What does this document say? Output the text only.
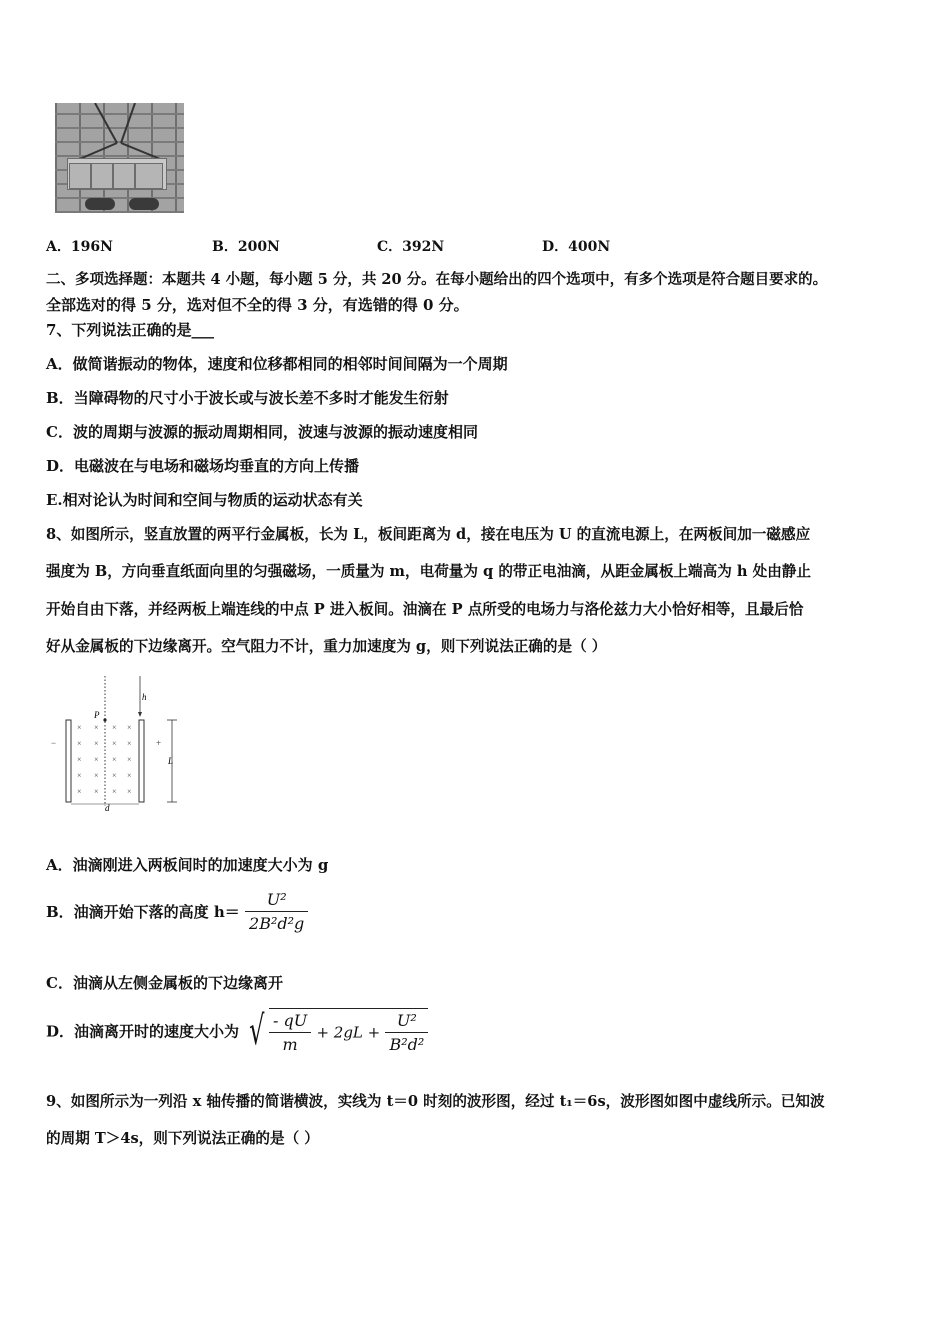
A．196N	B．200N	C．392N	D．400N
二、多项选择题：本题共 4 小题，每小题 5 分，共 20 分。在每小题给出的四个选项中，有多个选项是符合题目要求的。
全部选对的得 5 分，选对但不全的得 3 分，有选错的得 0 分。
7、下列说法正确的是___
A．做简谐振动的物体，速度和位移都相同的相邻时间间隔为一个周期
B．当障碍物的尺寸小于波长或与波长差不多时才能发生衍射
C．波的周期与波源的振动周期相同，波速与波源的振动速度相同
D．电磁波在与电场和磁场均垂直的方向上传播
E.相对论认为时间和空间与物质的运动状态有关
8、如图所示，竖直放置的两平行金属板，长为 L，板间距离为 d，接在电压为 U 的直流电源上，在两板间加一磁感应
强度为 B，方向垂直纸面向里的匀强磁场，一质量为 m，电荷量为 q 的带正电油滴，从距金属板上端高为 h 处由静止
开始自由下落，并经两板上端连线的中点 P 进入板间。油滴在 P 点所受的电场力与洛伦兹力大小恰好相等，且最后恰
好从金属板的下边缘离开。空气阻力不计，重力加速度为 g，则下列说法正确的是（ ）
−	+
P
h
L
d
× × × ×
× × × ×
× × × ×
× × × ×
× × × ×
A．油滴刚进入两板间时的加速度大小为 g
B．油滴开始下落的高度 $h= \frac{\text{U²}}{\text{2B²d²g}}$
C．油滴从左侧金属板的下边缘离开
D．油滴离开时的速度大小为 √ $\frac{- qU}{m} + 2gL + \frac{\text{U²}}{\text{B²d²}}$
9、如图所示为一列沿 x 轴传播的简谐横波，实线为 t＝0 时刻的波形图，经过 t₁＝6s，波形图如图中虚线所示。已知波
的周期 T＞4s，则下列说法正确的是（ ）
